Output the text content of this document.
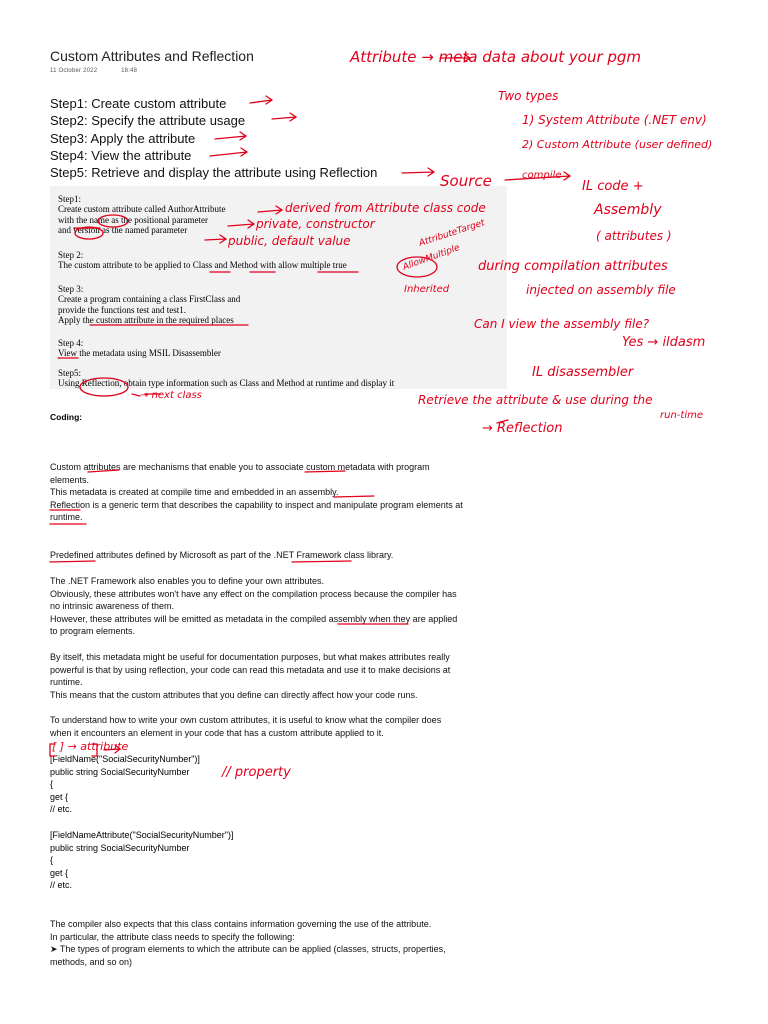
Custom Attributes and Reflection
11 October 2022	18:48
Step1: Create custom attribute
Step2: Specify the attribute usage
Step3: Apply the attribute
Step4: View the attribute
Step5: Retrieve and display the attribute using Reflection
Step1:
Create custom attribute called AuthorAttribute
with the name as the positional parameter
and version as the named parameter
Step 2:
The custom attribute to be applied to Class and Method with allow multiple true
Step 3:
Create a program containing a class FirstClass and
provide the functions test and test1.
Apply the custom attribute in the required places
Step 4:
View the metadata using MSIL Disassembler
Step5:
Using Reflection, obtain type information such as Class and Method at runtime and display it
Coding:
Custom attributes are mechanisms that enable you to associate custom metadata with program
elements.
This metadata is created at compile time and embedded in an assembly.
Reflection is a generic term that describes the capability to inspect and manipulate program elements at
runtime.
Predefined attributes defined by Microsoft as part of the .NET Framework class library.
The .NET Framework also enables you to define your own attributes.
Obviously, these attributes won't have any effect on the compilation process because the compiler has
no intrinsic awareness of them.
However, these attributes will be emitted as metadata in the compiled assembly when they are applied
to program elements.
By itself, this metadata might be useful for documentation purposes, but what makes attributes really
powerful is that by using reflection, your code can read this metadata and use it to make decisions at
runtime.
This means that the custom attributes that you define can directly affect how your code runs.
To understand how to write your own custom attributes, it is useful to know what the compiler does
when it encounters an element in your code that has a custom attribute applied to it.
[FieldName("SocialSecurityNumber")]
public string SocialSecurityNumber
{
get {
// etc.
[FieldNameAttribute("SocialSecurityNumber")]
public string SocialSecurityNumber
{
get {
// etc.
The compiler also expects that this class contains information governing the use of the attribute.
In particular, the attribute class needs to specify the following:
➤ The types of program elements to which the attribute can be applied (classes, structs, properties,
methods, and so on)
Attribute → meta data about your pgm
Two types
1) System Attribute (.NET env)
2) Custom Attribute (user defined)
Source	compile
IL code +
Assembly
( attributes )
derived from Attribute class code
private, constructor
public, default value	AttributeTarget
AllowMultiple
Inherited
during compilation attributes
injected on assembly file
Can I view the assembly file?
Yes → ildasm
IL disassembler
Retrieve the attribute & use during the
run-time
→ Reflection
→ next class
[ ] → attribute
// property
